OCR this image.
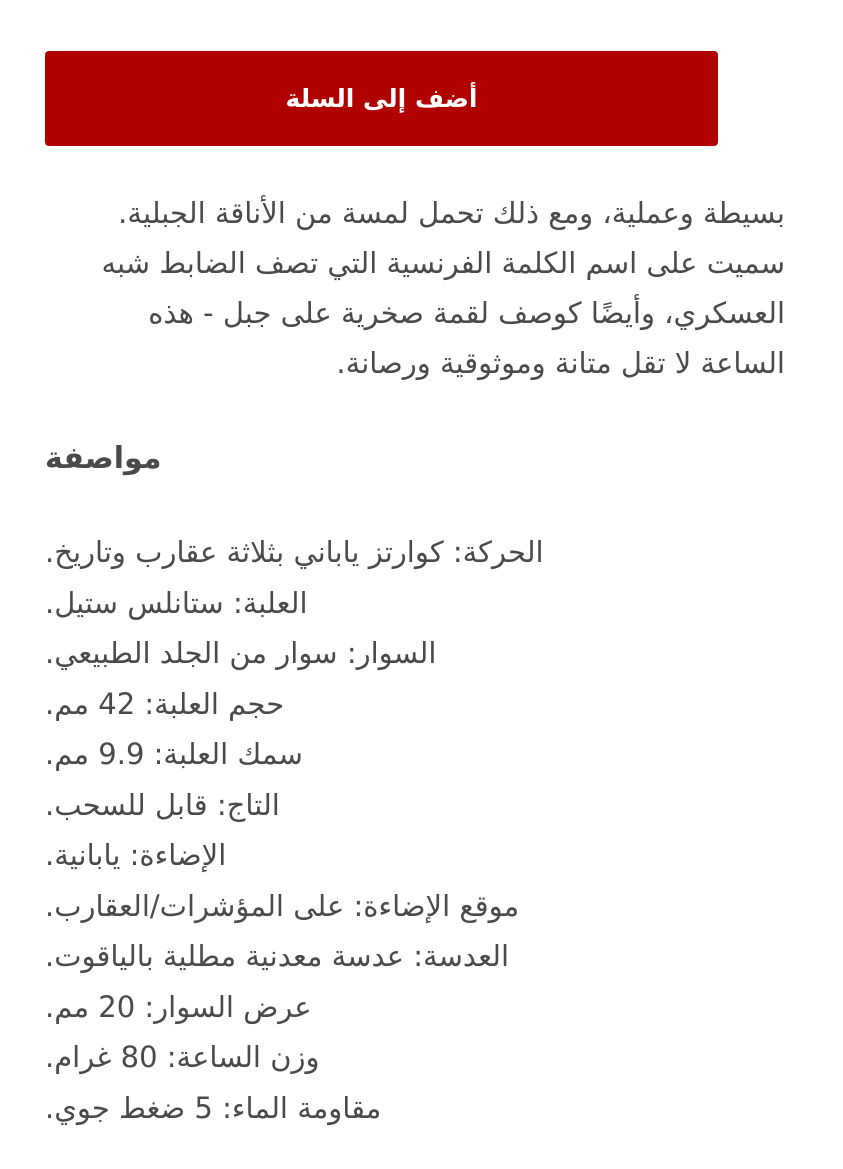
أضف إلى السلة

بسيطة وعملية، ومع ذلك تحمل لمسة من الأناقة الجبلية.
سميت على اسم الكلمة الفرنسية التي تصف الضابط شبه
العسكري، وأيضًا كوصف لقمة صخرية على جبل - هذه
الساعة لا تقل متانة وموثوقية ورصانة.

مواصفة
الحركة: كوارتز ياباني بثلاثة عقارب وتاريخ.
العلبة: ستانلس ستيل.
السوار: سوار من الجلد الطبيعي.
حجم العلبة: 42 مم.
سمك العلبة: 9.9 مم.
التاج: قابل للسحب.
الإضاءة: يابانية.
موقع الإضاءة: على المؤشرات/العقارب.
العدسة: عدسة معدنية مطلية بالياقوت.
عرض السوار: 20 مم.
وزن الساعة: 80 غرام.
مقاومة الماء: 5 ضغط جوي.
